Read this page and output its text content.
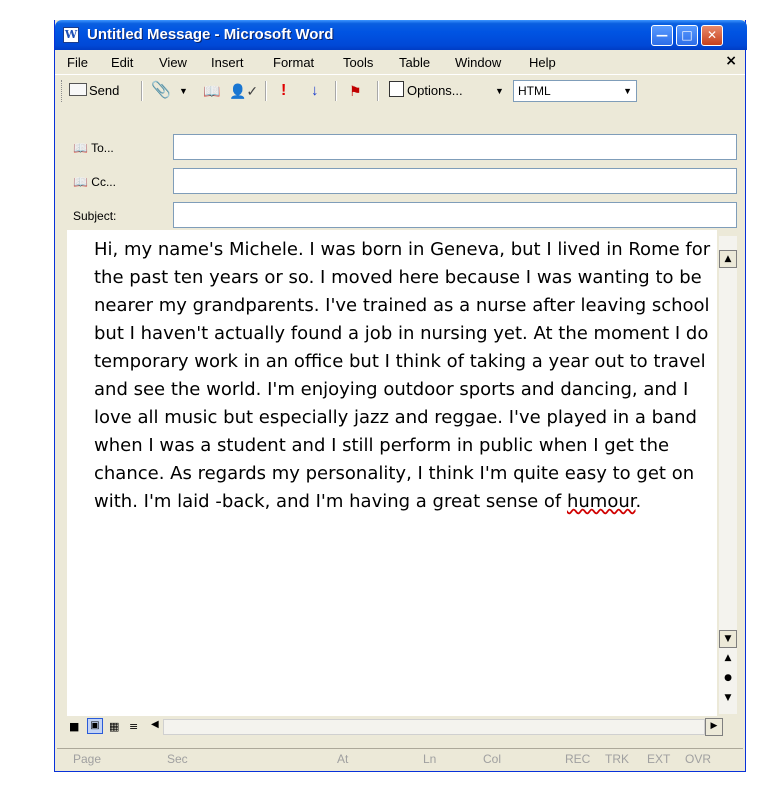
W Untitled Message - Microsoft Word	—	□	✕
File Edit View Insert Format Tools Table Window Help	×
Send 📎 ▼ 📖 👤✓ ! ↓ ⚑	Options...	▼	HTML	▼
📖 To...
📖 Cc...
Subject:
Hi, my name's Michele. I was born in Geneva, but I lived in Rome for the past ten years or so. I moved here because I was wanting to be nearer my grandparents. I've trained as a nurse after leaving school but I haven't actually found a job in nursing yet. At the moment I do temporary work in an office but I think of taking a year out to travel and see the world. I'm enjoying outdoor sports and dancing, and I love all music but especially jazz and reggae. I've played in a band when I was a student and I still perform in public when I get the chance. As regards my personality, I think I'm quite easy to get on with. I'm laid -back, and I'm having a great sense of humour.
▲
▼
▲
●
▼
■	▣ ▦ ≡ ◀	▶
Page	Sec	At	Ln	Col	REC TRK EXT OVR
